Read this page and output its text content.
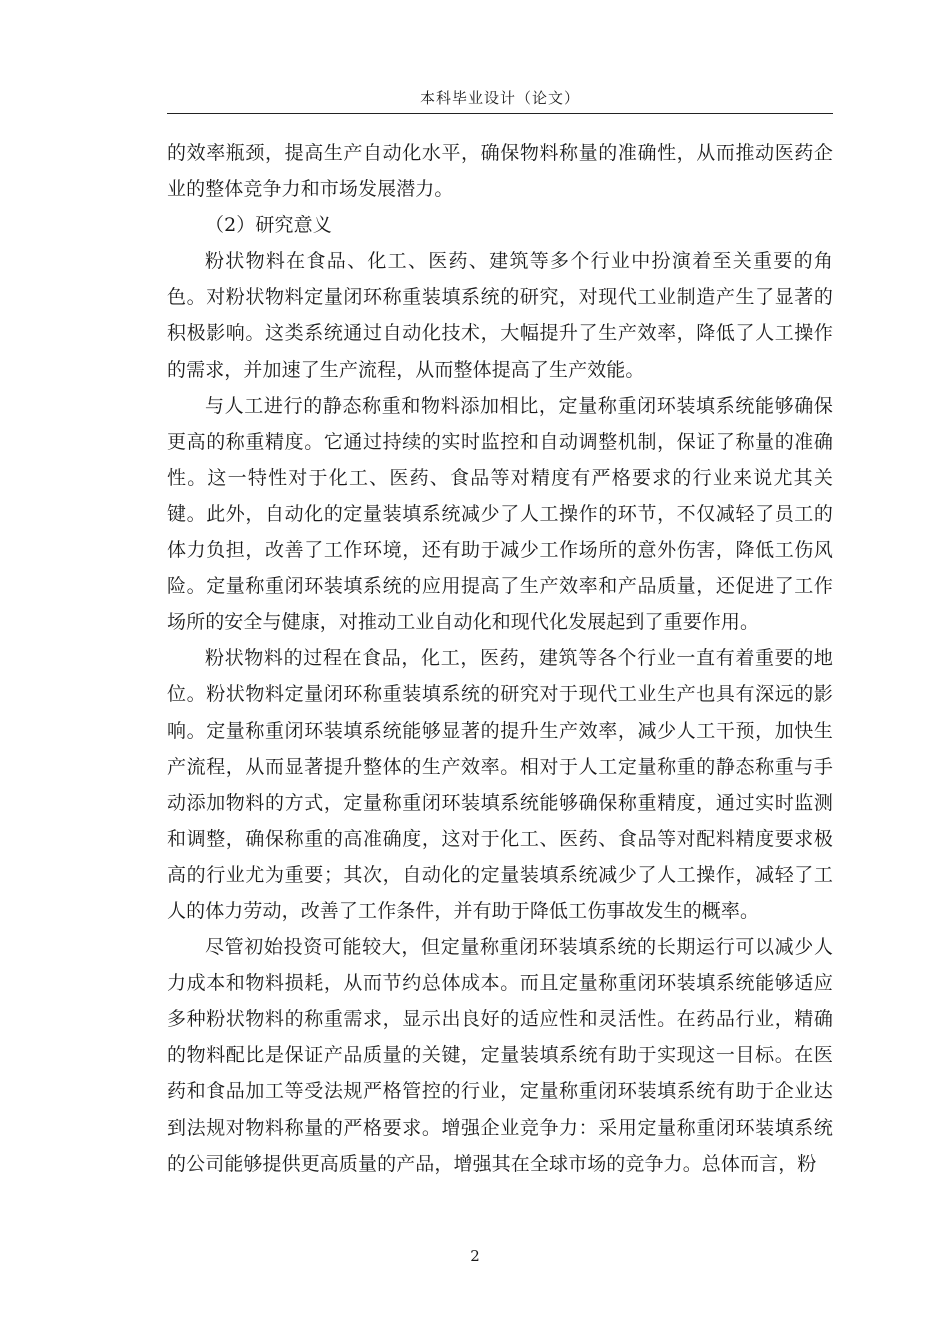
本科毕业设计（论文）

的效率瓶颈，提高生产自动化水平，确保物料称量的准确性，从而推动医药企业的整体竞争力和市场发展潜力。

（2）研究意义

粉状物料在食品、化工、医药、建筑等多个行业中扮演着至关重要的角色。对粉状物料定量闭环称重装填系统的研究，对现代工业制造产生了显著的积极影响。这类系统通过自动化技术，大幅提升了生产效率，降低了人工操作的需求，并加速了生产流程，从而整体提高了生产效能。

与人工进行的静态称重和物料添加相比，定量称重闭环装填系统能够确保更高的称重精度。它通过持续的实时监控和自动调整机制，保证了称量的准确性。这一特性对于化工、医药、食品等对精度有严格要求的行业来说尤其关键。此外，自动化的定量装填系统减少了人工操作的环节，不仅减轻了员工的体力负担，改善了工作环境，还有助于减少工作场所的意外伤害，降低工伤风险。定量称重闭环装填系统的应用提高了生产效率和产品质量，还促进了工作场所的安全与健康，对推动工业自动化和现代化发展起到了重要作用。

粉状物料的过程在食品，化工，医药，建筑等各个行业一直有着重要的地位。粉状物料定量闭环称重装填系统的研究对于现代工业生产也具有深远的影响。定量称重闭环装填系统能够显著的提升生产效率，减少人工干预，加快生产流程，从而显著提升整体的生产效率。相对于人工定量称重的静态称重与手动添加物料的方式，定量称重闭环装填系统能够确保称重精度，通过实时监测和调整，确保称重的高准确度，这对于化工、医药、食品等对配料精度要求极高的行业尤为重要；其次，自动化的定量装填系统减少了人工操作，减轻了工人的体力劳动，改善了工作条件，并有助于降低工伤事故发生的概率。

尽管初始投资可能较大，但定量称重闭环装填系统的长期运行可以减少人力成本和物料损耗，从而节约总体成本。而且定量称重闭环装填系统能够适应多种粉状物料的称重需求，显示出良好的适应性和灵活性。在药品行业，精确的物料配比是保证产品质量的关键，定量装填系统有助于实现这一目标。在医药和食品加工等受法规严格管控的行业，定量称重闭环装填系统有助于企业达到法规对物料称量的严格要求。增强企业竞争力：采用定量称重闭环装填系统的公司能够提供更高质量的产品，增强其在全球市场的竞争力。总体而言，粉

2
